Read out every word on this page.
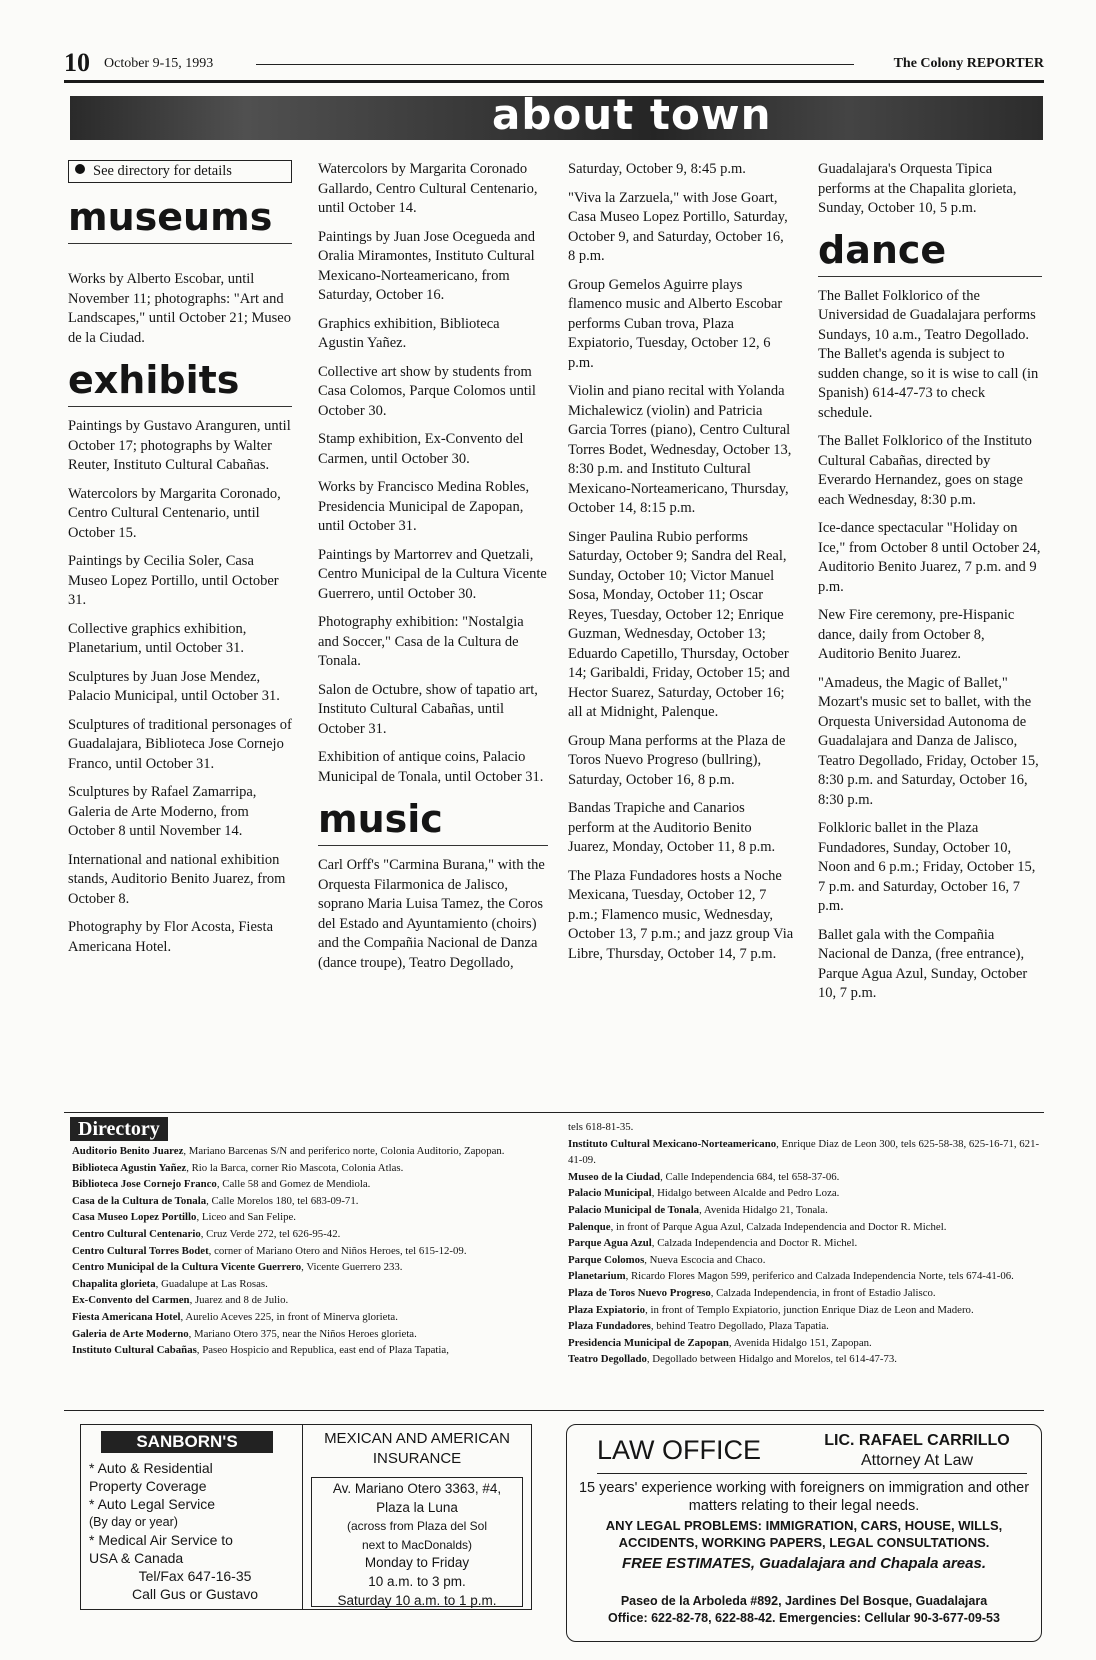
10 October 9-15, 1993	The Colony REPORTER
about town
See directory for details
museums

Works by Alberto Escobar, until November 11; photographs: "Art and Landscapes," until October 21; Museo de la Ciudad.

exhibits

Paintings by Gustavo Aranguren, until October 17; photographs by Walter Reuter, Instituto Cultural Cabañas.

Watercolors by Margarita Coronado, Centro Cultural Centenario, until October 15.

Paintings by Cecilia Soler, Casa Museo Lopez Portillo, until October 31.

Collective graphics exhibition, Planetarium, until October 31.

Sculptures by Juan Jose Mendez, Palacio Municipal, until October 31.

Sculptures of traditional personages of Guadalajara, Biblioteca Jose Cornejo Franco, until October 31.

Sculptures by Rafael Zamarripa, Galeria de Arte Moderno, from October 8 until November 14.

International and national exhibition stands, Auditorio Benito Juarez, from October 8.

Photography by Flor Acosta, Fiesta Americana Hotel.

Watercolors by Margarita Coronado Gallardo, Centro Cultural Centenario, until October 14.

Paintings by Juan Jose Ocegueda and Oralia Miramontes, Instituto Cultural Mexicano-Norteamericano, from Saturday, October 16.

Graphics exhibition, Biblioteca Agustin Yañez.

Collective art show by students from Casa Colomos, Parque Colomos until October 30.

Stamp exhibition, Ex-Convento del Carmen, until October 30.

Works by Francisco Medina Robles, Presidencia Municipal de Zapopan, until October 31.

Paintings by Martorrev and Quetzali, Centro Municipal de la Cultura Vicente Guerrero, until October 30.

Photography exhibition: "Nostalgia and Soccer," Casa de la Cultura de Tonala.

Salon de Octubre, show of tapatio art, Instituto Cultural Cabañas, until October 31.

Exhibition of antique coins, Palacio Municipal de Tonala, until October 31.

music

Carl Orff's "Carmina Burana," with the Orquesta Filarmonica de Jalisco, soprano Maria Luisa Tamez, the Coros del Estado and Ayuntamiento (choirs) and the Compañia Nacional de Danza (dance troupe), Teatro Degollado,

Saturday, October 9, 8:45 p.m.

"Viva la Zarzuela," with Jose Goart, Casa Museo Lopez Portillo, Saturday, October 9, and Saturday, October 16, 8 p.m.

Group Gemelos Aguirre plays flamenco music and Alberto Escobar performs Cuban trova, Plaza Expiatorio, Tuesday, October 12, 6 p.m.

Violin and piano recital with Yolanda Michalewicz (violin) and Patricia Garcia Torres (piano), Centro Cultural Torres Bodet, Wednesday, October 13, 8:30 p.m. and Instituto Cultural Mexicano-Norteamericano, Thursday, October 14, 8:15 p.m.

Singer Paulina Rubio performs Saturday, October 9; Sandra del Real, Sunday, October 10; Victor Manuel Sosa, Monday, October 11; Oscar Reyes, Tuesday, October 12; Enrique Guzman, Wednesday, October 13; Eduardo Capetillo, Thursday, October 14; Garibaldi, Friday, October 15; and Hector Suarez, Saturday, October 16; all at Midnight, Palenque.

Group Mana performs at the Plaza de Toros Nuevo Progreso (bullring), Saturday, October 16, 8 p.m.

Bandas Trapiche and Canarios perform at the Auditorio Benito Juarez, Monday, October 11, 8 p.m.

The Plaza Fundadores hosts a Noche Mexicana, Tuesday, October 12, 7 p.m.; Flamenco music, Wednesday, October 13, 7 p.m.; and jazz group Via Libre, Thursday, October 14, 7 p.m.

Guadalajara's Orquesta Tipica performs at the Chapalita glorieta, Sunday, October 10, 5 p.m.

dance

The Ballet Folklorico of the Universidad de Guadalajara performs Sundays, 10 a.m., Teatro Degollado. The Ballet's agenda is subject to sudden change, so it is wise to call (in Spanish) 614-47-73 to check schedule.

The Ballet Folklorico of the Instituto Cultural Cabañas, directed by Everardo Hernandez, goes on stage each Wednesday, 8:30 p.m.

Ice-dance spectacular "Holiday on Ice," from October 8 until October 24, Auditorio Benito Juarez, 7 p.m. and 9 p.m.

New Fire ceremony, pre-Hispanic dance, daily from October 8, Auditorio Benito Juarez.

"Amadeus, the Magic of Ballet," Mozart's music set to ballet, with the Orquesta Universidad Autonoma de Guadalajara and Danza de Jalisco, Teatro Degollado, Friday, October 15, 8:30 p.m. and Saturday, October 16, 8:30 p.m.

Folkloric ballet in the Plaza Fundadores, Sunday, October 10, Noon and 6 p.m.; Friday, October 15, 7 p.m. and Saturday, October 16, 7 p.m.

Ballet gala with the Compañia Nacional de Danza, (free entrance), Parque Agua Azul, Sunday, October 10, 7 p.m.

Directory
Auditorio Benito Juarez, Mariano Barcenas S/N and periferico norte, Colonia Auditorio, Zapopan.
Biblioteca Agustin Yañez, Rio la Barca, corner Rio Mascota, Colonia Atlas.
Biblioteca Jose Cornejo Franco, Calle 58 and Gomez de Mendiola.
Casa de la Cultura de Tonala, Calle Morelos 180, tel 683-09-71.
Casa Museo Lopez Portillo, Liceo and San Felipe.
Centro Cultural Centenario, Cruz Verde 272, tel 626-95-42.
Centro Cultural Torres Bodet, corner of Mariano Otero and Niños Heroes, tel 615-12-09.
Centro Municipal de la Cultura Vicente Guerrero, Vicente Guerrero 233.
Chapalita glorieta, Guadalupe at Las Rosas.
Ex-Convento del Carmen, Juarez and 8 de Julio.
Fiesta Americana Hotel, Aurelio Aceves 225, in front of Minerva glorieta.
Galeria de Arte Moderno, Mariano Otero 375, near the Niños Heroes glorieta.
Instituto Cultural Cabañas, Paseo Hospicio and Republica, east end of Plaza Tapatia,
tels 618-81-35.
Instituto Cultural Mexicano-Norteamericano, Enrique Diaz de Leon 300, tels 625-58-38, 625-16-71, 621-41-09.
Museo de la Ciudad, Calle Independencia 684, tel 658-37-06.
Palacio Municipal, Hidalgo between Alcalde and Pedro Loza.
Palacio Municipal de Tonala, Avenida Hidalgo 21, Tonala.
Palenque, in front of Parque Agua Azul, Calzada Independencia and Doctor R. Michel.
Parque Agua Azul, Calzada Independencia and Doctor R. Michel.
Parque Colomos, Nueva Escocia and Chaco.
Planetarium, Ricardo Flores Magon 599, periferico and Calzada Independencia Norte, tels 674-41-06.
Plaza de Toros Nuevo Progreso, Calzada Independencia, in front of Estadio Jalisco.
Plaza Expiatorio, in front of Templo Expiatorio, junction Enrique Diaz de Leon and Madero.
Plaza Fundadores, behind Teatro Degollado, Plaza Tapatia.
Presidencia Municipal de Zapopan, Avenida Hidalgo 151, Zapopan.
Teatro Degollado, Degollado between Hidalgo and Morelos, tel 614-47-73.
SANBORN'S
* Auto & Residential
Property Coverage
* Auto Legal Service
(By day or year)
* Medical Air Service to
USA & Canada
Tel/Fax 647-16-35
Call Gus or Gustavo
MEXICAN AND AMERICAN INSURANCE
Av. Mariano Otero 3363, #4,
Plaza la Luna
(across from Plaza del Sol
next to MacDonalds)
Monday to Friday
10 a.m. to 3 pm.
Saturday 10 a.m. to 1 p.m.
LAW OFFICE	LIC. RAFAEL CARRILLO
Attorney At Law
15 years' experience working with foreigners on immigration and other matters relating to their legal needs.
ANY LEGAL PROBLEMS: IMMIGRATION, CARS, HOUSE, WILLS, ACCIDENTS, WORKING PAPERS, LEGAL CONSULTATIONS.
FREE ESTIMATES, Guadalajara and Chapala areas.
Paseo de la Arboleda #892, Jardines Del Bosque, Guadalajara
Office: 622-82-78, 622-88-42. Emergencies: Cellular 90-3-677-09-53
